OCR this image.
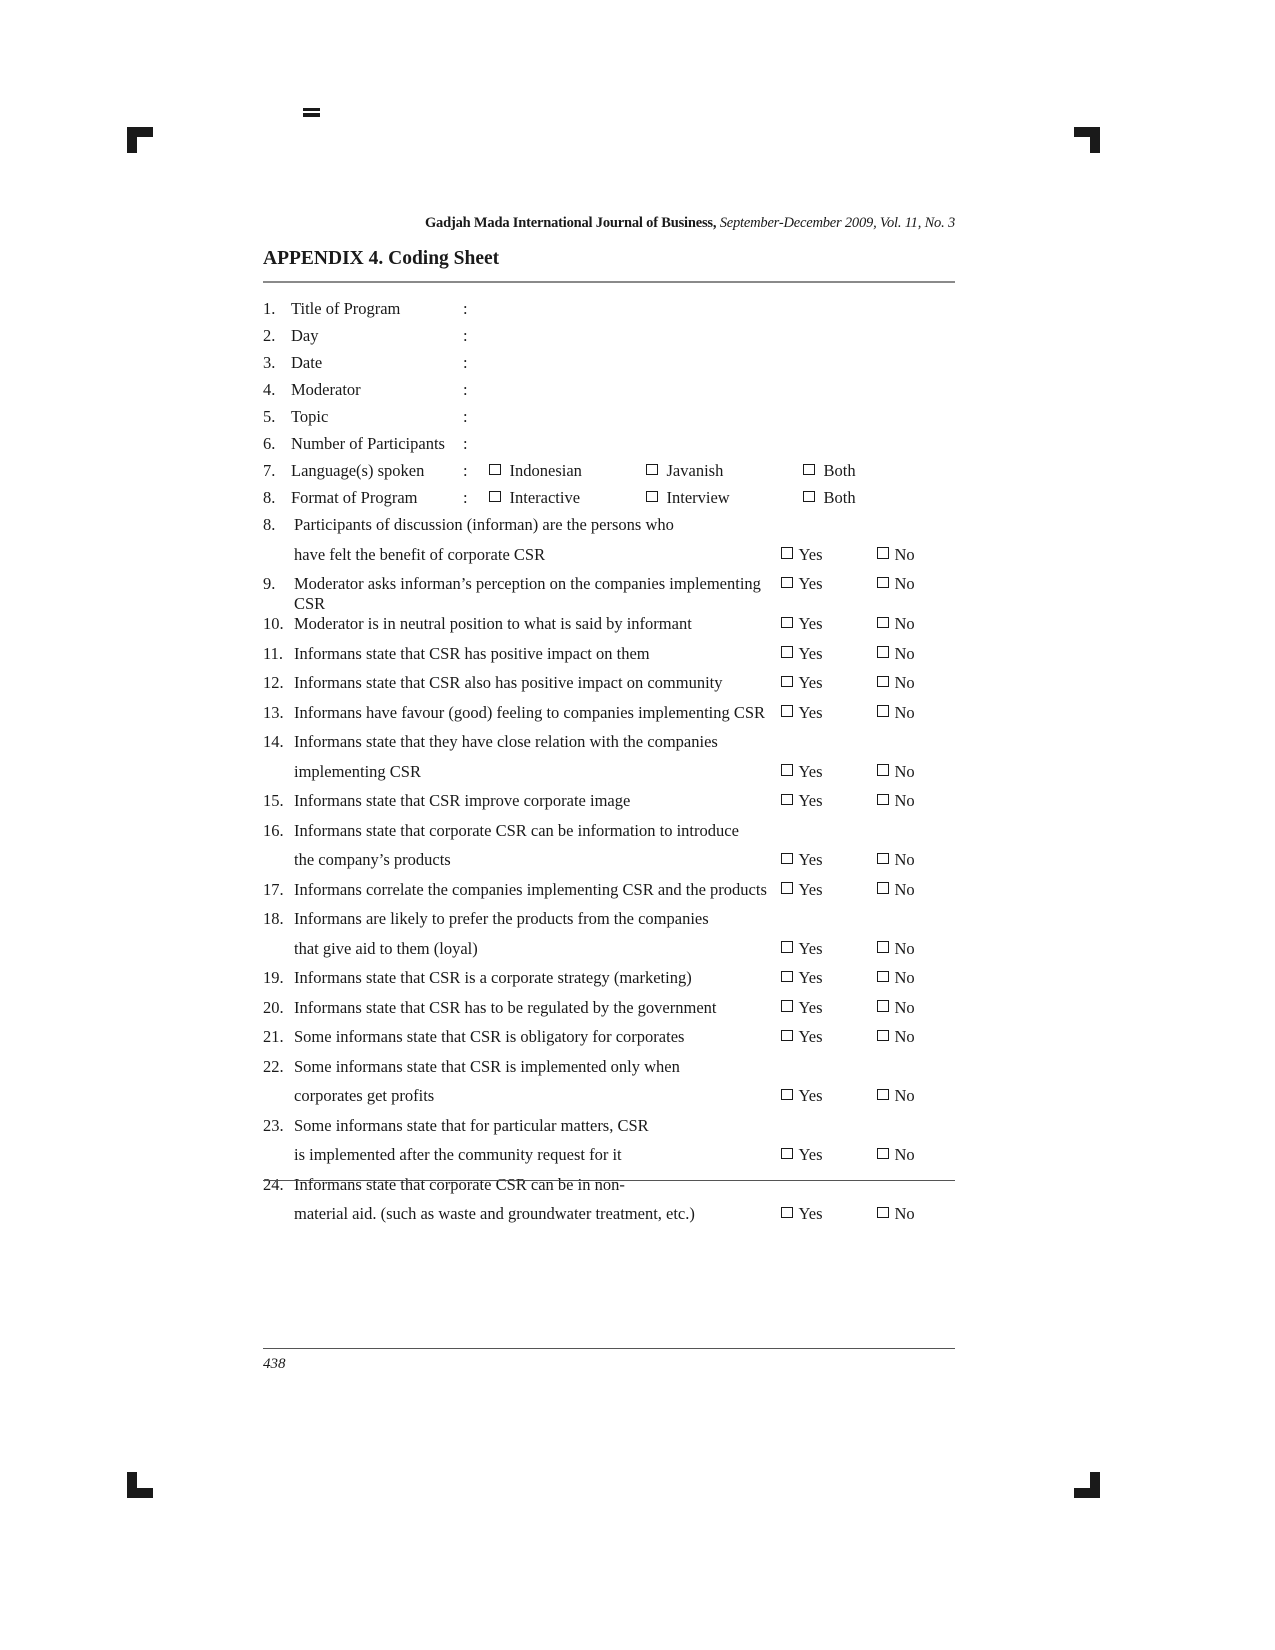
Gadjah Mada International Journal of Business, September-December 2009, Vol. 11, No. 3
APPENDIX 4. Coding Sheet
1. Title of Program	:
2. Day	:
3. Date	:
4. Moderator	:
5. Topic	:
6. Number of Participants	:
7. Language(s) spoken	:	Indonesian	Javanish	Both
8. Format of Program	:	Interactive	Interview	Both
8.	Participants of discussion (informan) are the persons who
have felt the benefit of corporate CSR	Yes	No
9.	Moderator asks informan’s perception on the companies implementing CSR
Yes	No
10. Moderator is in neutral position to what is said by informant	Yes	No
11. Informans state that CSR has positive impact on them	Yes	No
12. Informans state that CSR also has positive impact on community	Yes	No
13. Informans have favour (good) feeling to companies implementing CSR	Yes	No
14. Informans state that they have close relation with the companies
implementing CSR	Yes	No
15. Informans state that CSR improve corporate image	Yes	No
16. Informans state that corporate CSR can be information to introduce
the company’s products	Yes	No
17. Informans correlate the companies implementing CSR and the products	Yes	No
18. Informans are likely to prefer the products from the companies
that give aid to them (loyal)	Yes	No
19. Informans state that CSR is a corporate strategy (marketing)	Yes	No
20. Informans state that CSR has to be regulated by the government	Yes	No
21. Some informans state that CSR is obligatory for corporates	Yes	No
22. Some informans state that CSR is implemented only when
corporates get profits	Yes	No
23. Some informans state that for particular matters, CSR
is implemented after the community request for it	Yes	No
24. Informans state that corporate CSR can be in non-
material aid. (such as waste and groundwater treatment, etc.)	Yes	No
438
